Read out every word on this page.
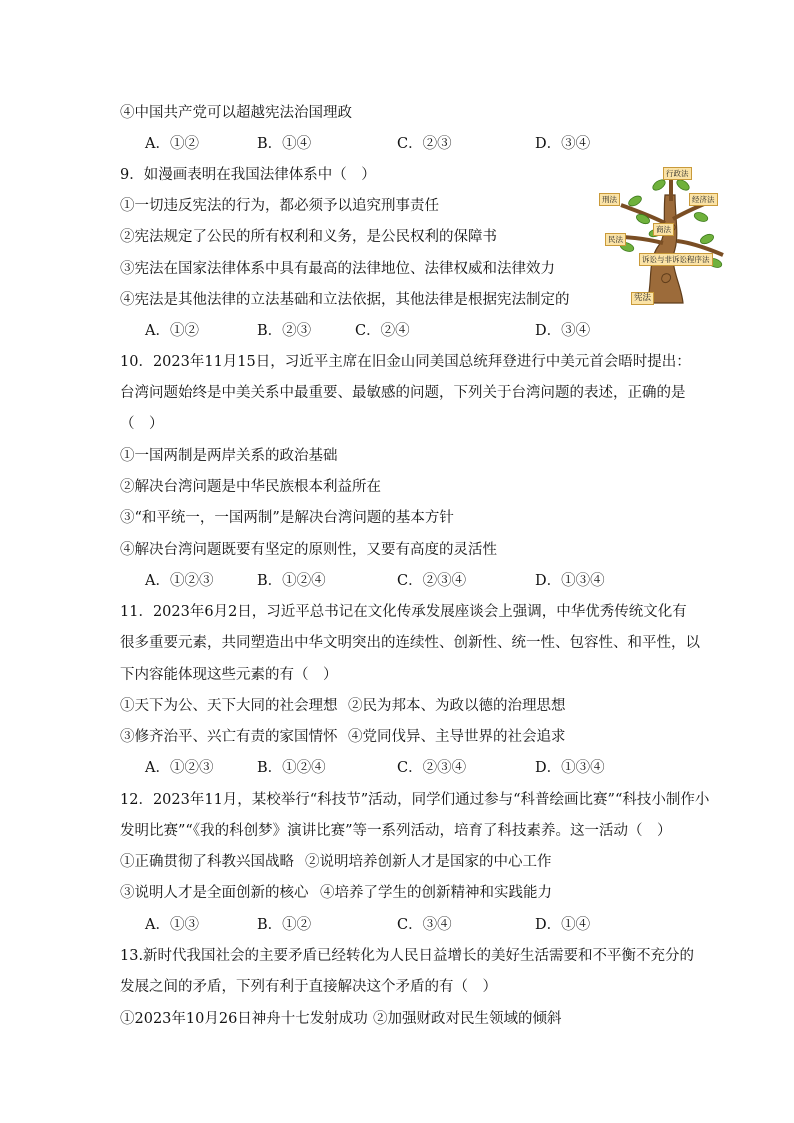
④中国共产党可以超越宪法治国理政
A．①②	B．①④	C．②③	D．③④
9．如漫画表明在我国法律体系中（　）
①一切违反宪法的行为，都必须予以追究刑事责任
②宪法规定了公民的所有权利和义务，是公民权利的保障书
③宪法在国家法律体系中具有最高的法律地位、法律权威和法律效力
④宪法是其他法律的立法基础和立法依据，其他法律是根据宪法制定的
A．①②	B．②③	C．②④	D．③④
行政法
刑法	经济法
商法
民法
诉讼与非诉讼程序法
宪法
10．2023年11月15日，习近平主席在旧金山同美国总统拜登进行中美元首会晤时提出：
台湾问题始终是中美关系中最重要、最敏感的问题，下列关于台湾问题的表述，正确的是
（　）
①一国两制是两岸关系的政治基础
②解决台湾问题是中华民族根本利益所在
③“和平统一，一国两制”是解决台湾问题的基本方针
④解决台湾问题既要有坚定的原则性，又要有高度的灵活性
A．①②③	B．①②④	C．②③④	D．①③④
11．2023年6月2日，习近平总书记在文化传承发展座谈会上强调，中华优秀传统文化有
很多重要元素，共同塑造出中华文明突出的连续性、创新性、统一性、包容性、和平性，以
下内容能体现这些元素的有（　）
①天下为公、天下大同的社会理想 ②民为邦本、为政以德的治理思想
③修齐治平、兴亡有责的家国情怀 ④党同伐异、主导世界的社会追求
A．①②③	B．①②④	C．②③④	D．①③④
12．2023年11月，某校举行“科技节”活动，同学们通过参与“科普绘画比赛”“科技小制作小
发明比赛”“《我的科创梦》演讲比赛”等一系列活动，培育了科技素养。这一活动（　）
①正确贯彻了科教兴国战略 ②说明培养创新人才是国家的中心工作
③说明人才是全面创新的核心 ④培养了学生的创新精神和实践能力
A．①③	B．①②	C．③④	D．①④
13.新时代我国社会的主要矛盾已经转化为人民日益增长的美好生活需要和不平衡不充分的
发展之间的矛盾，下列有利于直接解决这个矛盾的有（　）
①2023年10月26日神舟十七发射成功 ②加强财政对民生领域的倾斜
